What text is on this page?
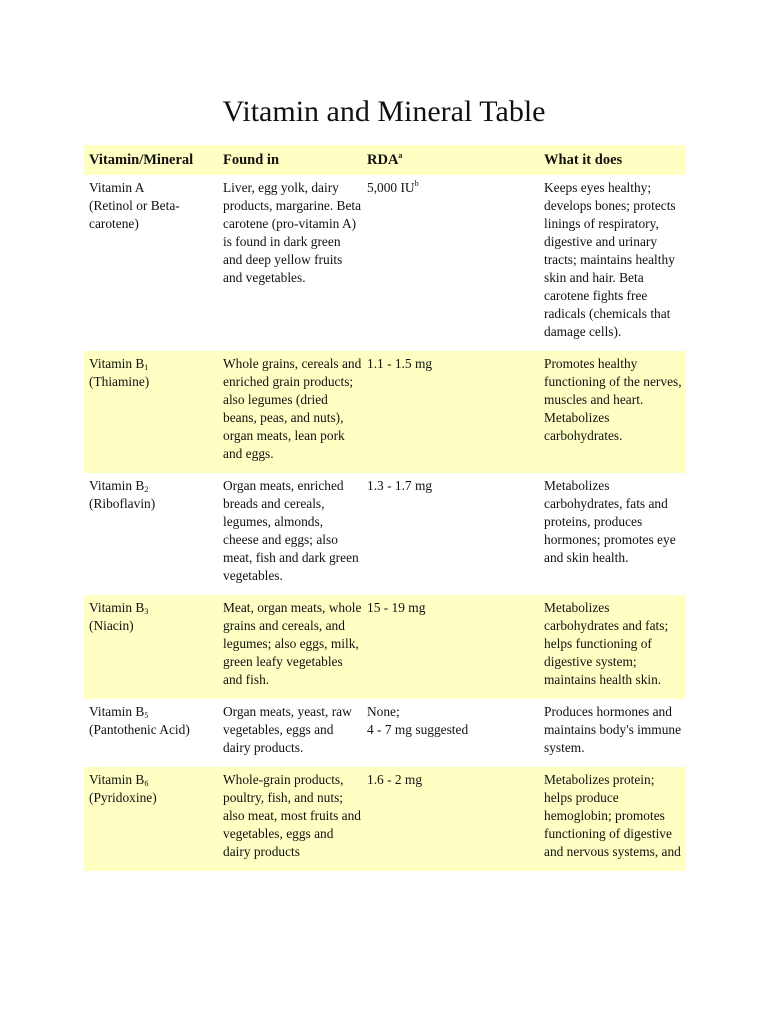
Vitamin and Mineral Table
Vitamin/Mineral	Found in	RDA$^a$	What it does

Vitamin A
(Retinol or Beta-
carotene)	Liver, egg yolk, dairy products, margarine. Beta carotene (pro-vitamin A) is found in dark green and deep yellow fruits and vegetables.	5,000 $IU^b$	Keeps eyes healthy; develops bones; protects linings of respiratory, digestive and urinary tracts; maintains healthy skin and hair. Beta carotene fights free radicals (chemicals that damage cells).

Vitamin $B_1$
(Thiamine)	Whole grains, cereals and enriched grain products; also legumes (dried beans, peas, and nuts), organ meats, lean pork and eggs.	1.1 - 1.5 mg	Promotes healthy functioning of the nerves, muscles and heart. Metabolizes carbohydrates.

Vitamin $B_2$
(Riboflavin)	Organ meats, enriched breads and cereals, legumes, almonds, cheese and eggs; also meat, fish and dark green vegetables.	1.3 - 1.7 mg	Metabolizes carbohydrates, fats and proteins, produces hormones; promotes eye and skin health.

Vitamin $B_3$
(Niacin)	Meat, organ meats, whole grains and cereals, and legumes; also eggs, milk, green leafy vegetables and fish.	15 - 19 mg	Metabolizes carbohydrates and fats; helps functioning of digestive system; maintains health skin.

Vitamin $B_5$
(Pantothenic Acid)	Organ meats, yeast, raw vegetables, eggs and dairy products.	None;
4 - 7 mg suggested	Produces hormones and maintains body's immune system.

Vitamin $B_6$
(Pyridoxine)	Whole-grain products, poultry, fish, and nuts; also meat, most fruits and vegetables, eggs and dairy products	1.6 - 2 mg	Metabolizes protein; helps produce hemoglobin; promotes functioning of digestive and nervous systems, and
